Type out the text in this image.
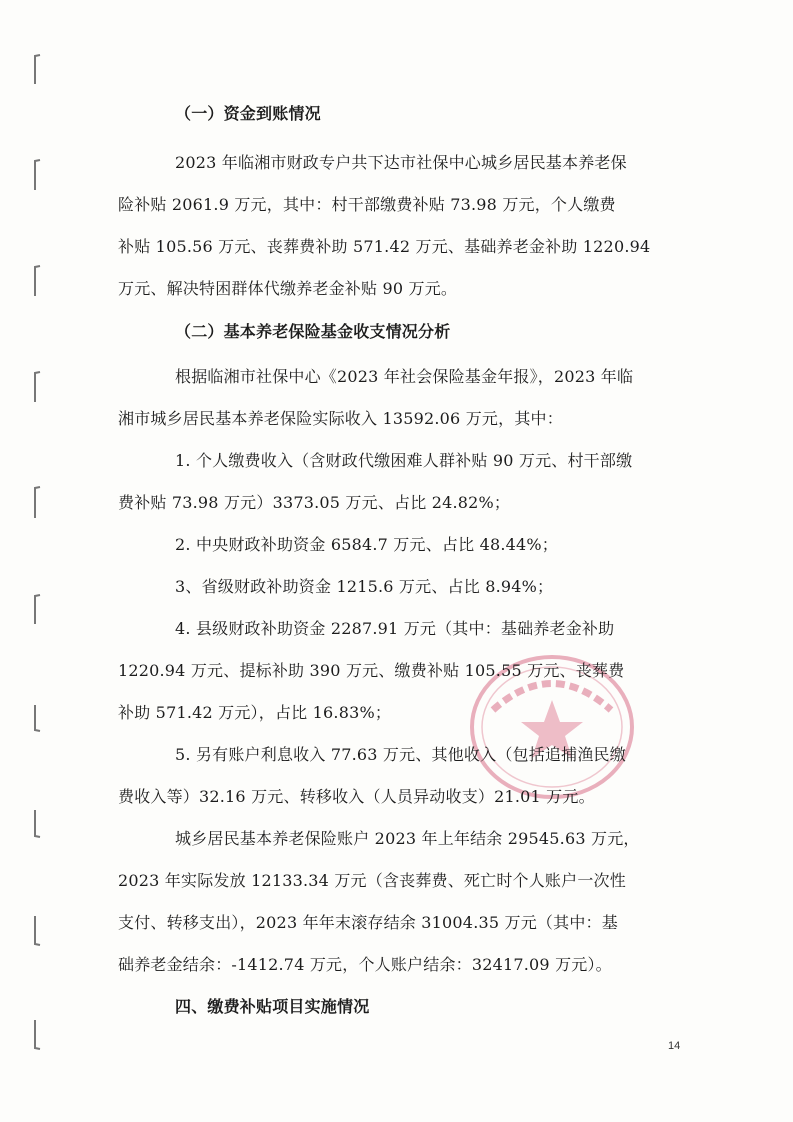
（一）资金到账情况

2023 年临湘市财政专户共下达市社保中心城乡居民基本养老保

险补贴 2061.9 万元，其中：村干部缴费补贴 73.98 万元，个人缴费

补贴 105.56 万元、丧葬费补助 571.42 万元、基础养老金补助 1220.94

万元、解决特困群体代缴养老金补贴 90 万元。

（二）基本养老保险基金收支情况分析

根据临湘市社保中心《2023 年社会保险基金年报》，2023 年临

湘市城乡居民基本养老保险实际收入 13592.06 万元，其中：

1. 个人缴费收入（含财政代缴困难人群补贴 90 万元、村干部缴

费补贴 73.98 万元）3373.05 万元、占比 24.82%；

2. 中央财政补助资金 6584.7 万元、占比 48.44%；

3、省级财政补助资金 1215.6 万元、占比 8.94%；

4. 县级财政补助资金 2287.91 万元（其中：基础养老金补助

1220.94 万元、提标补助 390 万元、缴费补贴 105.55 万元、丧葬费

补助 571.42 万元），占比 16.83%；

5. 另有账户利息收入 77.63 万元、其他收入（包括追捕渔民缴

费收入等）32.16 万元、转移收入（人员异动收支）21.01 万元。

城乡居民基本养老保险账户 2023 年上年结余 29545.63 万元，

2023 年实际发放 12133.34 万元（含丧葬费、死亡时个人账户一次性

支付、转移支出），2023 年年末滚存结余 31004.35 万元（其中：基

础养老金结余：-1412.74 万元，个人账户结余：32417.09 万元）。

四、缴费补贴项目实施情况

14
